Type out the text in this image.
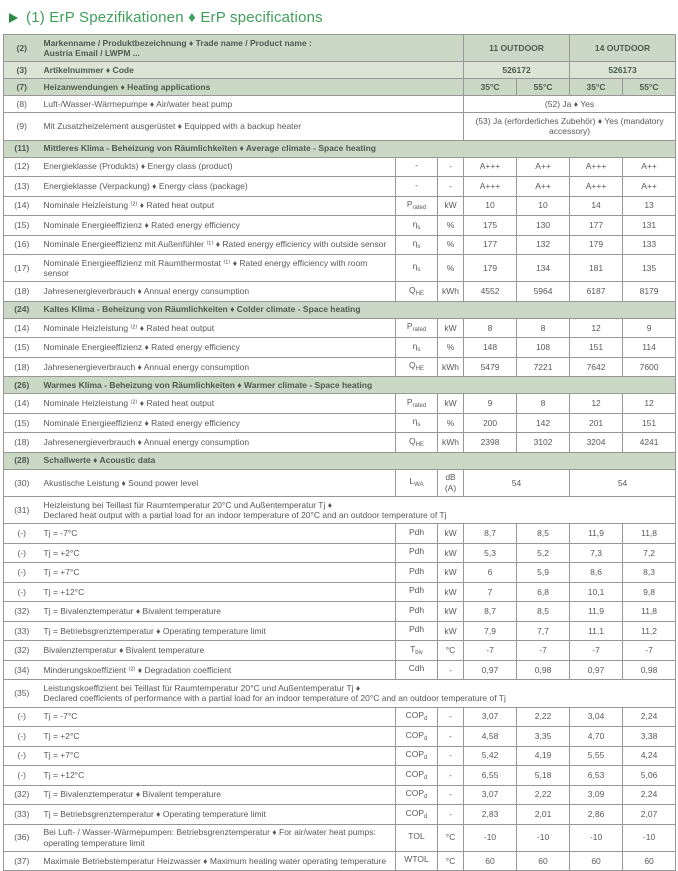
(1) ErP Spezifikationen ♦ ErP specifications
(2)	Markenname / Produktbezeichnung ♦ Trade name / Product name :
Austria Email / LWPM ...			11 OUTDOOR		14 OUTDOOR	
(3)	Artikelnummer ♦ Code			526172		526173	
(7)	Heizanwendungen ♦ Heating applications			35°C	55°C	35°C	55°C
(8)	Luft-/Wasser-Wärmepumpe ♦ Air/water heat pump			(52) Ja ♦ Yes			
(9)	Mit Zusatzheizelement ausgerüstet ♦ Equipped with a backup heater			(53) Ja (erforderliches Zubehör) ♦ Yes (mandatory accessory)			
(11)	Mittleres Klima - Beheizung von Räumlichkeiten ♦ Average climate - Space heating						
(12)	Energieklasse (Produkts) ♦ Energy class (product)	-	-	A+++	A++	A+++	A++
(13)	Energieklasse (Verpackung) ♦ Energy class (package)	-	-	A+++	A++	A+++	A++
(14)	Nominale Heizleistung ⁽²⁾ ♦ Rated heat output	$P_{rated}$	kW	10	10	14	13
(15)	Nominale Energieeffizienz ♦ Rated energy efficiency	$\eta_s$	%	175	130	177	131
(16)	Nominale Energieeffizienz mit Außenfühler ⁽¹⁾ ♦ Rated energy efficiency with outside sensor	$\eta_s$	%	177	132	179	133
(17)	Nominale Energieeffizienz mit Raumthermostat ⁽¹⁾ ♦ Rated energy efficiency with room sensor	$\eta_s$	%	179	134	181	135
(18)	Jahresenergieverbrauch ♦ Annual energy consumption	$Q_{HE}$	kWh	4552	5964	6187	8179
(24)	Kaltes Klima - Beheizung von Räumlichkeiten ♦ Colder climate - Space heating						
(14)	Nominale Heizleistung ⁽²⁾ ♦ Rated heat output	$P_{rated}$	kW	8	8	12	9
(15)	Nominale Energieeffizienz ♦ Rated energy efficiency	$\eta_s$	%	148	108	151	114
(18)	Jahresenergieverbrauch ♦ Annual energy consumption	$Q_{HE}$	kWh	5479	7221	7642	7600
(26)	Warmes Klima - Beheizung von Räumlichkeiten ♦ Warmer climate - Space heating						
(14)	Nominale Heizleistung ⁽²⁾ ♦ Rated heat output	$P_{rated}$	kW	9	8	12	12
(15)	Nominale Energieeffizienz ♦ Rated energy efficiency	$\eta_s$	%	200	142	201	151
(18)	Jahresenergieverbrauch ♦ Annual energy consumption	$Q_{HE}$	kWh	2398	3102	3204	4241
(28)	Schallwerte ♦ Acoustic data						
(30)	Akustische Leistung ♦ Sound power level	$L_{WA}$	dB (A)	54		54	
(31)	Heizleistung bei Teillast für Raumtemperatur 20°C und Außentemperatur Tj ♦
Declared heat output with a partial load for an indoor temperature of 20°C and an outdoor temperature of Tj						

(-)	Tj = -7°C	Pdh	kW	8,7	8,5	11,9	11,8
(-)	Tj = +2°C	Pdh	kW	5,3	5,2	7,3	7,2
(-)	Tj = +7°C	Pdh	kW	6	5,9	8,6	8,3
(-)	Tj = +12°C	Pdh	kW	7	6,8	10,1	9,8
(32)	Tj = Bivalenztemperatur ♦ Bivalent temperature	Pdh	kW	8,7	8,5	11,9	11,8
(33)	Tj = Betriebsgrenztemperatur ♦ Operating temperature limit	Pdh	kW	7,9	7,7	11,1	11,2
(32)	Bivalenztemperatur ♦ Bivalent temperature	$T_{biv}$	°C	-7	-7	-7	-7
(34)	Minderungskoeffizient ⁽²⁾ ♦ Degradation coefficient	Cdh	-	0,97	0,98	0,97	0,98
(35)	Leistungskoeffizient bei Teillast für Raumtemperatur 20°C und Außentemperatur Tj ♦
Declared coefficients of performance with a partial load for an indoor temperature of 20°C and an outdoor temperature of Tj						

(-)	Tj = -7°C	$COP_d$	-	3,07	2,22	3,04	2,24
(-)	Tj = +2°C	$COP_d$	-	4,58	3,35	4,70	3,38
(-)	Tj = +7°C	$COP_d$	-	5,42	4,19	5,55	4,24
(-)	Tj = +12°C	$COP_d$	-	6,55	5,18	6,53	5,06
(32)	Tj = Bivalenztemperatur ♦ Bivalent temperature	$COP_d$	-	3,07	2,22	3,09	2,24
(33)	Tj = Betriebsgrenztemperatur ♦ Operating temperature limit	$COP_d$	-	2,83	2,01	2,86	2,07
(36)	Bei Luft- / Wasser-Wärmepumpen: Betriebsgrenztemperatur ♦ For air/water heat pumps: operating temperature limit	TOL	°C	-10	-10	-10	-10
(37)	Maximale Betriebstemperatur Heizwasser ♦ Maximum heating water operating temperature	WTOL	°C	60	60	60	60
